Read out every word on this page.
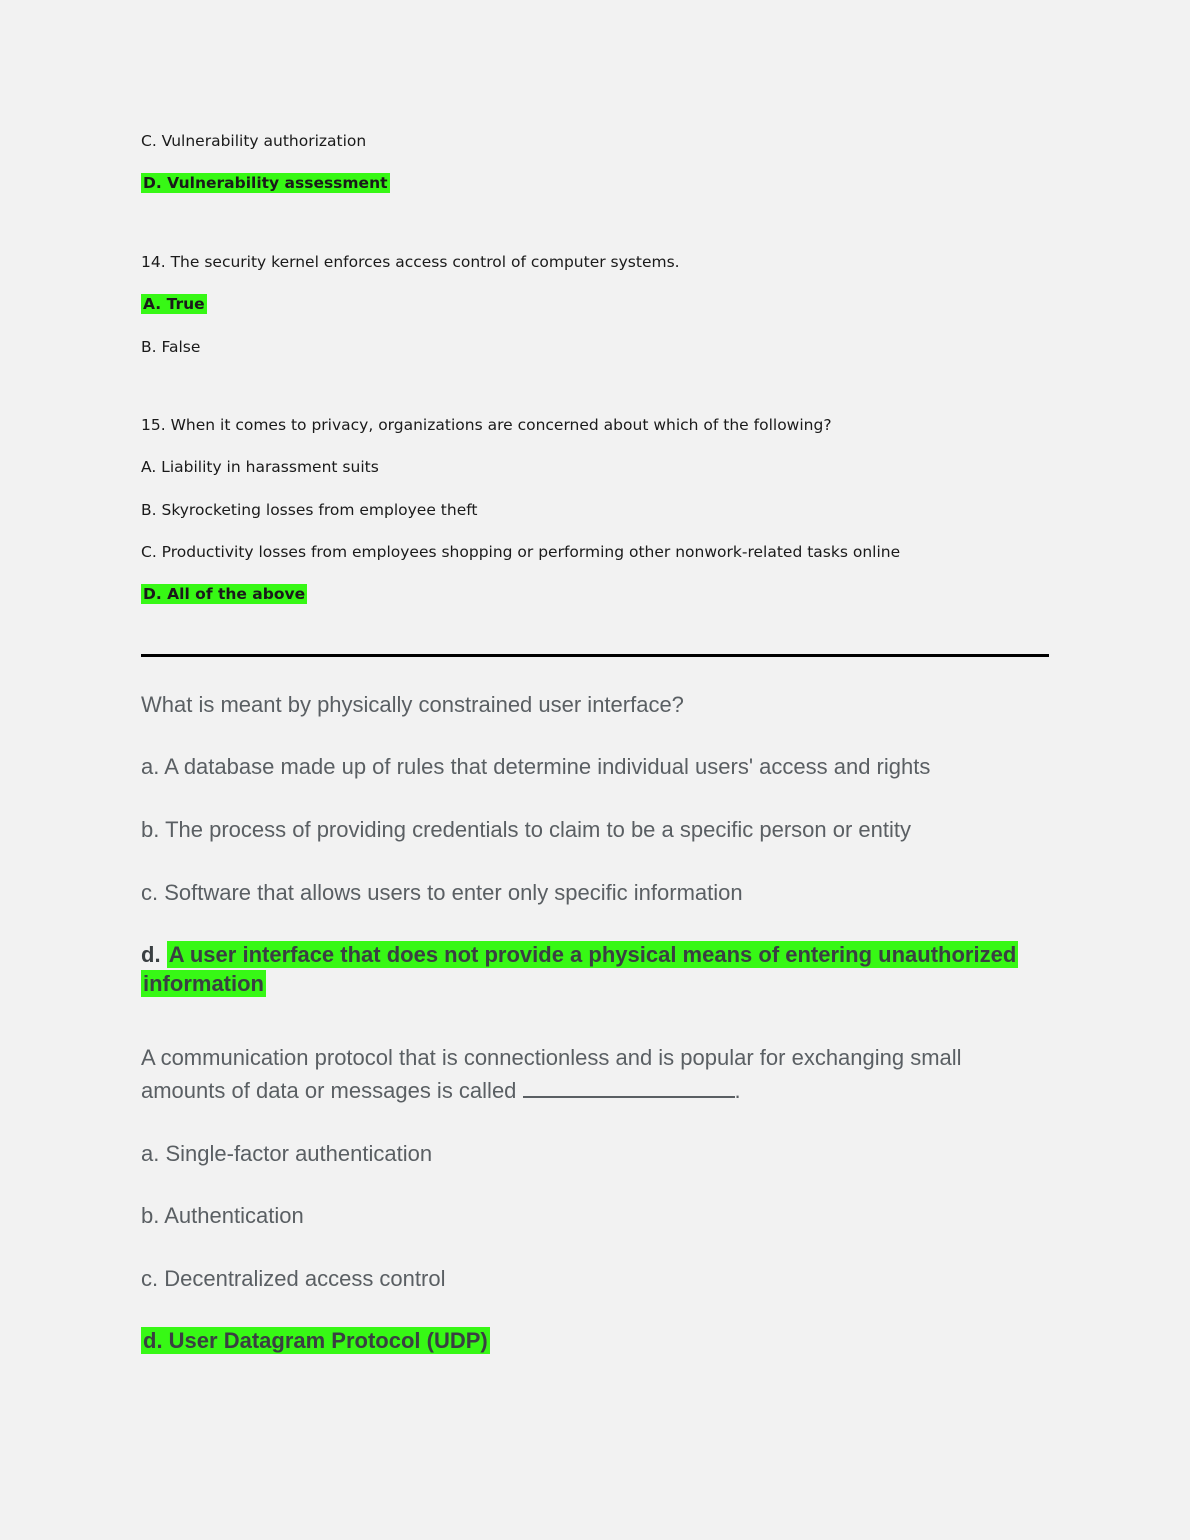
C. Vulnerability authorization

D. Vulnerability assessment

14. The security kernel enforces access control of computer systems.

A. True

B. False

15. When it comes to privacy, organizations are concerned about which of the following?

A. Liability in harassment suits

B. Skyrocketing losses from employee theft

C. Productivity losses from employees shopping or performing other nonwork-related tasks online

D. All of the above

What is meant by physically constrained user interface?

a. A database made up of rules that determine individual users' access and rights

b. The process of providing credentials to claim to be a specific person or entity

c. Software that allows users to enter only specific information

d. A user interface that does not provide a physical means of entering unauthorized information

A communication protocol that is connectionless and is popular for exchanging small amounts of data or messages is called	.

a. Single-factor authentication

b. Authentication

c. Decentralized access control

d. User Datagram Protocol (UDP)
